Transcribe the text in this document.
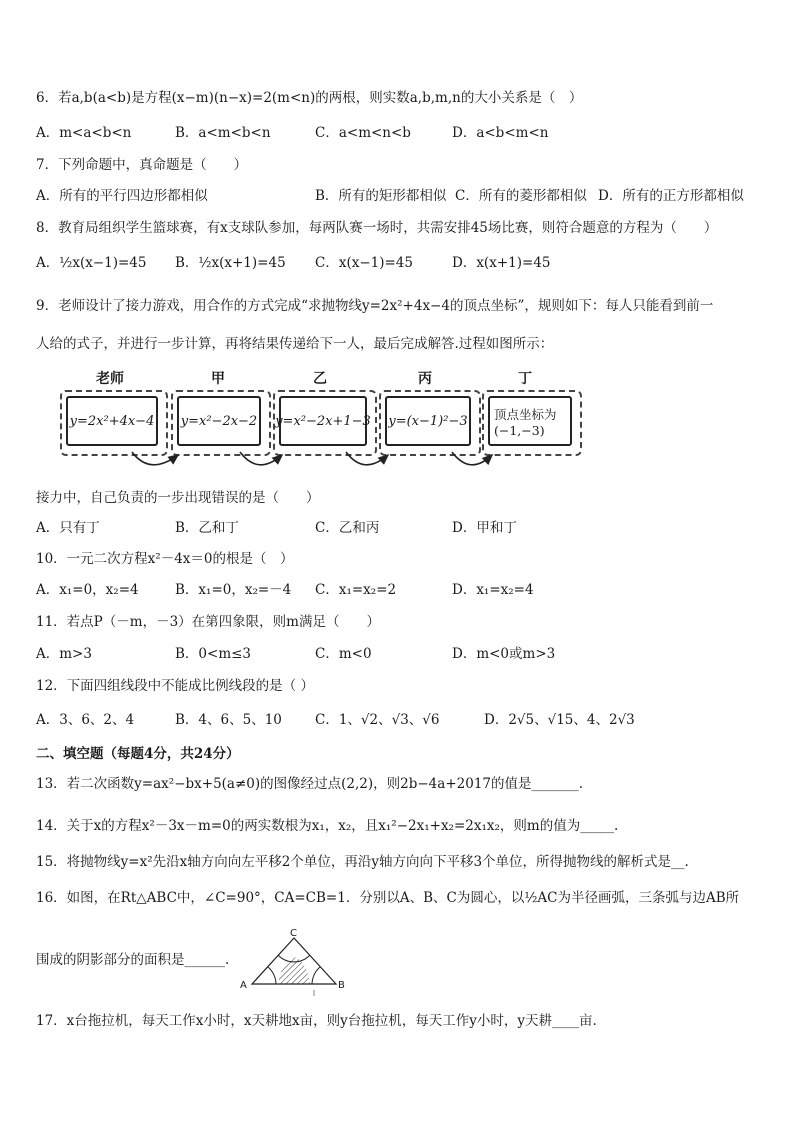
6．若a,b(a<b)是方程(x−m)(n−x)=2(m<n)的两根，则实数a,b,m,n的大小关系是（　）
A．m<a<b<n	B．a<m<b<n	C．a<m<n<b	D．a<b<m<n
7．下列命题中，真命题是（　　）
A．所有的平行四边形都相似	B．所有的矩形都相似 C．所有的菱形都相似 D．所有的正方形都相似
8．教育局组织学生篮球赛，有x支球队参加，每两队赛一场时，共需安排45场比赛，则符合题意的方程为（　　）
A．½x(x−1)=45 B．½x(x+1)=45 C．x(x−1)=45	D．x(x+1)=45
9．老师设计了接力游戏，用合作的方式完成“求抛物线y=2x²+4x−4的顶点坐标”，规则如下：每人只能看到前一
人给的式子，并进行一步计算，再将结果传递给下一人，最后完成解答.过程如图所示：
老师	甲	乙	丙	丁
y=2x²+4x−4 y=x²−2x−2 y=x²−2x+1−3 y=(x−1)²−3 顶点坐标为
(−1,−3)
接力中，自己负责的一步出现错误的是（　　）
A．只有丁	B．乙和丁	C．乙和丙	D．甲和丁
10．一元二次方程x²－4x＝0的根是（　）
A．x₁=0，x₂=4	B．x₁=0，x₂=－4 C．x₁=x₂=2	D．x₁=x₂=4
11．若点P（－m，－3）在第四象限，则m满足（　　）
A．m>3	B．0<m≤3	C．m<0	D．m<0或m>3
12．下面四组线段中不能成比例线段的是（ ）
A．3、6、2、4	B．4、6、5、10 C．1、√2、√3、√6	D．2√5、√15、4、2√3
二、填空题（每题4分，共24分）
13．若二次函数y=ax²−bx+5(a≠0)的图像经过点(2,2)，则2b−4a+2017的值是_______.
14．关于x的方程x²－3x－m=0的两实数根为x₁，x₂，且x₁²−2x₁+x₂=2x₁x₂，则m的值为_____.
15．将抛物线y=x²先沿x轴方向向左平移2个单位，再沿y轴方向向下平移3个单位，所得抛物线的解析式是__.
16．如图，在Rt△ABC中，∠C=90°，CA=CB=1．分别以A、B、C为圆心，以½AC为半径画弧，三条弧与边AB所
围成的阴影部分的面积是______.
C
A	B
17．x台拖拉机，每天工作x小时，x天耕地x亩，则y台拖拉机，每天工作y小时，y天耕____亩.
